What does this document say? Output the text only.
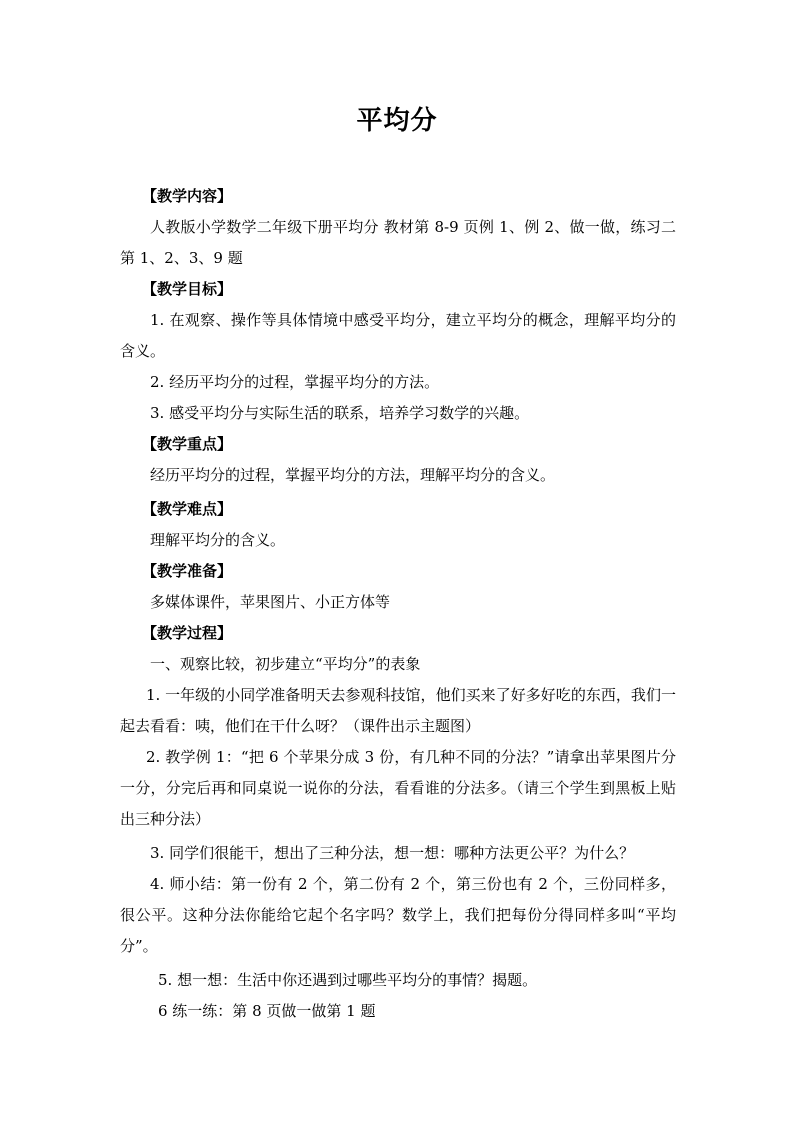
平均分

【教学内容】

人教版小学数学二年级下册平均分 教材第 8-9 页例 1、例 2、做一做，练习二第 1、2、3、9 题

【教学目标】

1. 在观察、操作等具体情境中感受平均分，建立平均分的概念，理解平均分的含义。

2. 经历平均分的过程，掌握平均分的方法。

3. 感受平均分与实际生活的联系，培养学习数学的兴趣。

【教学重点】

经历平均分的过程，掌握平均分的方法，理解平均分的含义。

【教学难点】

理解平均分的含义。

【教学准备】

多媒体课件，苹果图片、小正方体等

【教学过程】

一、观察比较，初步建立“平均分”的表象

1. 一年级的小同学准备明天去参观科技馆，他们买来了好多好吃的东西，我们一起去看看：咦，他们在干什么呀？（课件出示主题图）

2. 教学例 1：“把 6 个苹果分成 3 份，有几种不同的分法？”请拿出苹果图片分一分，分完后再和同桌说一说你的分法，看看谁的分法多。（请三个学生到黑板上贴出三种分法）

3. 同学们很能干，想出了三种分法，想一想：哪种方法更公平？为什么？

4. 师小结：第一份有 2 个，第二份有 2 个，第三份也有 2 个，三份同样多，很公平。这种分法你能给它起个名字吗？数学上，我们把每份分得同样多叫“平均分”。

5. 想一想：生活中你还遇到过哪些平均分的事情？揭题。

6 练一练：第 8 页做一做第 1 题
